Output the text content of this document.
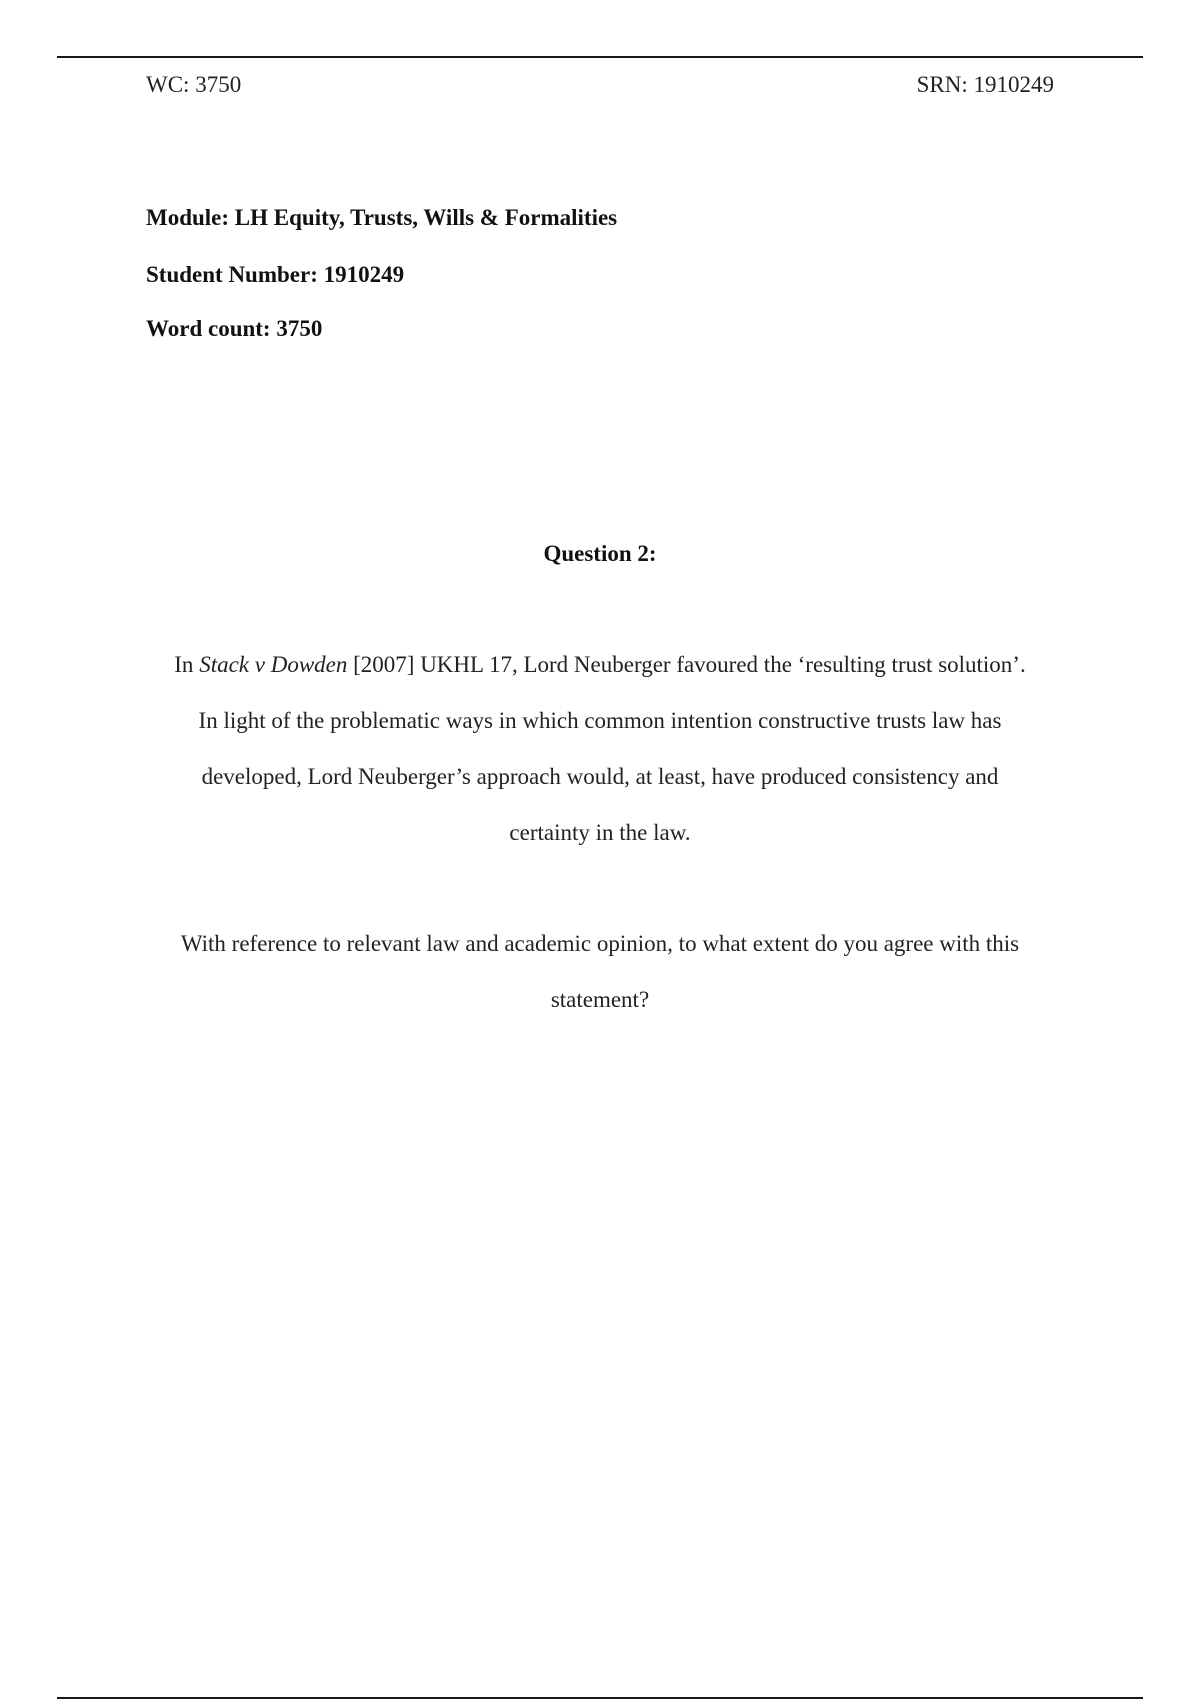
WC: 3750	SRN: 1910249
Module: LH Equity, Trusts, Wills & Formalities
Student Number: 1910249
Word count: 3750
Question 2:

In Stack v Dowden [2007] UKHL 17, Lord Neuberger favoured the ‘resulting trust solution’.
In light of the problematic ways in which common intention constructive trusts law has
developed, Lord Neuberger’s approach would, at least, have produced consistency and
certainty in the law.

With reference to relevant law and academic opinion, to what extent do you agree with this
statement?
